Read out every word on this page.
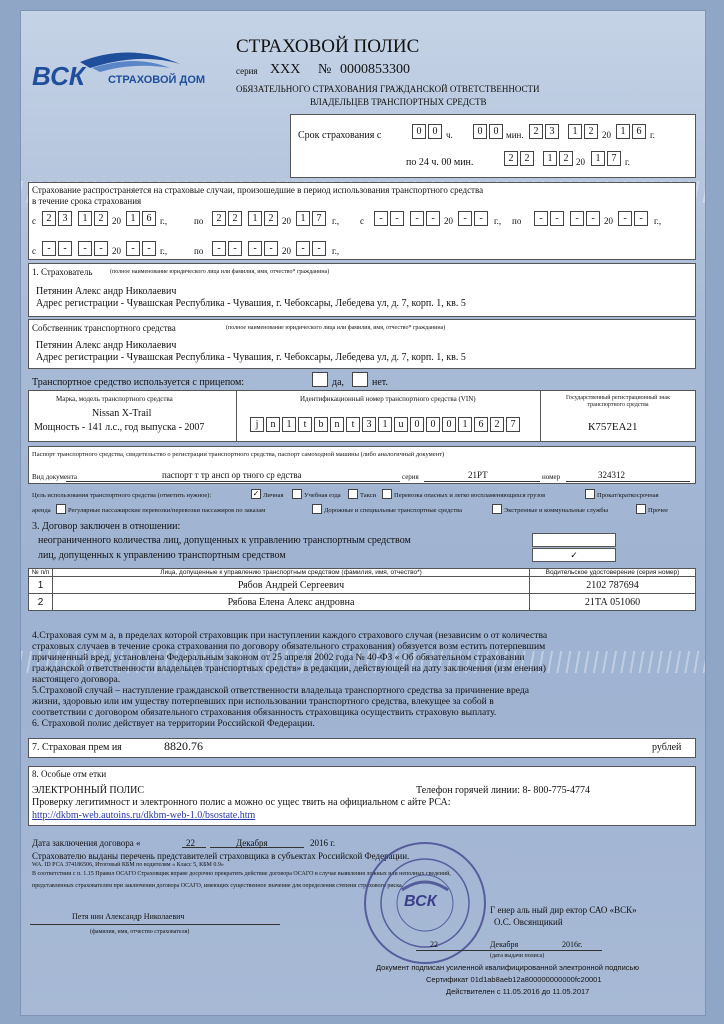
ВСК СТРАХОВОЙ ДОМ
СТРАХОВОЙ ПОЛИС
серия XXX № 0000853300
ОБЯЗАТЕЛЬНОГО СТРАХОВАНИЯ ГРАЖДАНСКОЙ ОТВЕТСТВЕННОСТИ
ВЛАДЕЛЬЦЕВ ТРАНСПОРТНЫХ СРЕДСТВ
Срок страхования с	0	0 ч.	0	0 мин. 2	3	1	2 20 1	6 г.
по 24 ч. 00 мин.	2	2	1	2 20	1	7 г.
Страхование распространяется на страховые случаи, произошедшие в период использования транспортного средства
в течение срока страхования
с	2	3	1	2 20 1	6 г.,	по	2	2	1	2 20 1	7	г.,
с	-	-	-	-	20	-	-	г.,	по	-	-	-	-	20	-	-	г.,
с	-	-	-	-	20	-	-	г., по	-	-	-	-	20	-	-	г.,
1. Страхователь	(полное наименование юридического лица или фамилия, имя, отчество* гражданина)
Петянин Алекс андр Николаевич
Адрес регистрации - Чувашская Республика - Чувашия, г. Чебоксары, Лебедева ул, д. 7, корп. 1, кв. 5
Собственник транспортного средства	(полное наименование юридического лица или фамилия, имя, отчество* гражданина)
Петянин Алекс андр Николаевич
Адрес регистрации - Чувашская Республика - Чувашия, г. Чебоксары, Лебедева ул, д. 7, корп. 1, кв. 5
Транспортное средство используется с прицепом:	да,	нет.
Марка, модель транспортного средства
Nissan X-Trail
Мощность - 141 л.с., год выпуска - 2007
Идентификационный номер транспортного средства (VIN)
j	n	1	t	b	n	t	3	1	u	0	0	0	1	6	2	7
Государственный регистрационный знак транспортного средства
К757ЕА21
Паспорт транспортного средства, свидетельство о регистрации транспортного средства, паспорт самоходной машины (либо аналогичный документ)
Вид документа	паспорт т тр ансп ор тного ср едства	серия	21РТ	номер	324312
Цель использования транспортного средства (отметить нужное):	✓ Личная	Учебная езда	Такси	Перевозка опасных и легко воспламеняющихся грузов	Прокат/краткосрочная
аренда	Регулярные пассажирские перевозки/перевозки пассажиров по заказам	Дорожные и специальные транспортные средства	Экстренные и коммунальные службы	Прочее
3. Договор заключен в отношении:
неограниченного количества лиц, допущенных к управлению транспортным средством
лиц, допущенных к управлению транспортным средством	✓
№ п/п	Лица, допущенные к управлению транспортным средством (фамилия, имя, отчество*)	Водительское удостоверение (серия номер)
1	Рябов Андрей Сергеевич	2102 787694
2	Рябова Елена Алекс андровна	21ТА 051060
4.Страховая сум м а, в пределах которой страховщик при наступлении каждого страхового случая (независим о от количества
страховых случаев в течение срока страхования по договору обязательного страхования) обязуется возм естить потерпевшим
причиненный вред, установлена Федеральным законом от 25 апреля 2002 года № 40-ФЗ « Об обязательном страховании
гражданской ответственности владельцев транспортных средств» в редакции, действующей на дату заключения (изм енения)
настоящего договора.
5.Страховой случай – наступление гражданской ответственности владельца транспортного средства за причинение вреда
жизни, здоровью или им уществу потерпевших при использовании транспортного средства, влекущее за собой в
соответствии с договором обязательного страхования обязанность страховщика осуществить страховую выплату.
6. Страховой полис действует на территории Российской Федерации.
7. Страховая прем ия	8820.76	рублей
8. Особые отм етки
ЭЛЕКТРОННЫЙ ПОЛИС	Телефон горячей линии: 8- 800-775-4774
Проверку легитимност и электронного полис а можно ос ущес твить на официальном с айте РСА:
http://dkbm-web.autoins.ru/dkbm-web-1.0/bsostate.htm
Дата заключения договора «	22	Декабря	2016 г.
Страхователю выданы перечень представителей страховщика в субъектах Российской Федерации.
В соответствии с п. 1.15 Правил ОСАГО Страховщик вправе досрочно прекратить действие договора ОСАГО в случае выявления ложных или неполных сведений,
WA. ID РСА 374186506, Итоговый КБМ по водителям « Класс 5, КБМ 0.9»
представленных страхователем при заключении договора ОСАГО, имеющих существенное значение для определения степени страхового риска.
Петя нин Александр Николаевич
(фамилия, имя, отчество страхователя)
ВСК	Г енер аль ный дир ектор САО «ВСК»
О.С. Овсянщикий
22	Декабря	2016г.
(дата выдачи полиса)
Документ подписан усиленной квалифицированной электронной подписью
Сертификат 01d1ab8aeb12a800000000000fc20001
Действителен с 11.05.2016 до 11.05.2017
